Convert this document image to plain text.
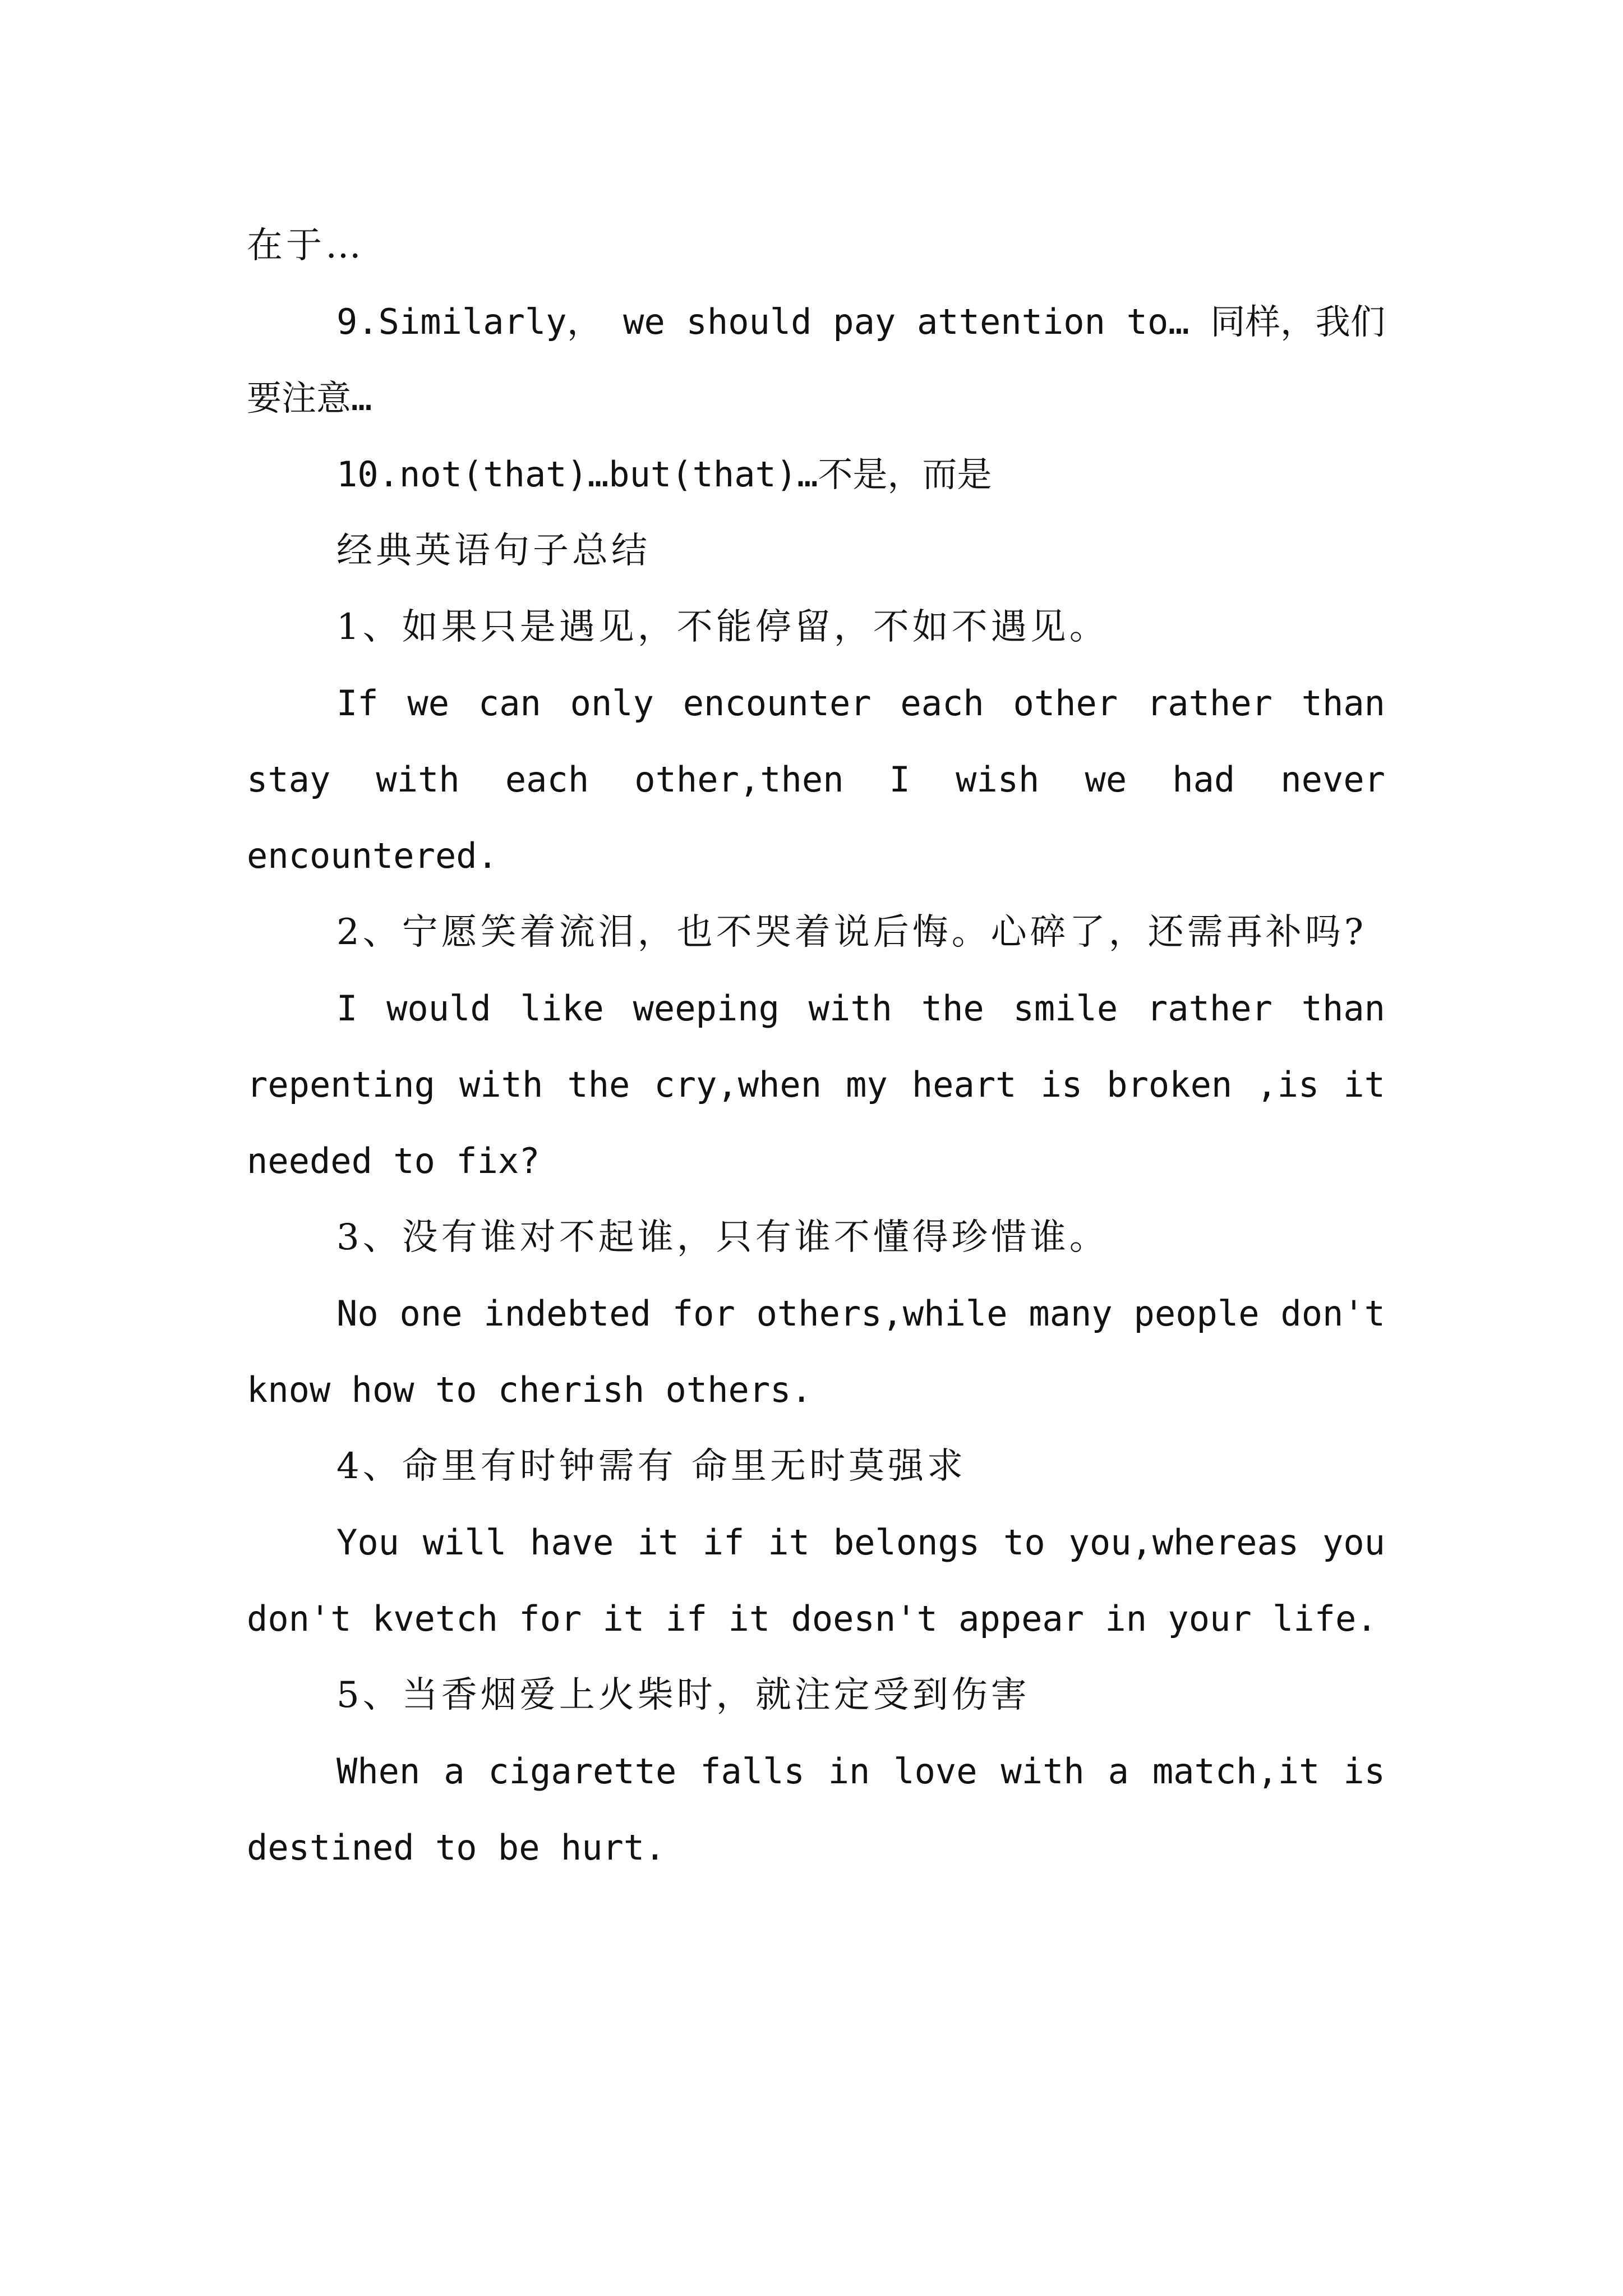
在于…

9.Similarly， we should pay attention to… 同样，我们要注意…

10.not(that)…but(that)…不是，而是

经典英语句子总结

1、如果只是遇见，不能停留，不如不遇见。

If we can only encounter each other rather than stay with each other,then I wish we had never encountered.

2、宁愿笑着流泪，也不哭着说后悔。心碎了，还需再补吗?

I would like weeping with the smile rather than repenting with the cry,when my heart is broken ,is it needed to fix?

3、没有谁对不起谁，只有谁不懂得珍惜谁。

No one indebted for others,while many people don't know how to cherish others.

4、命里有时钟需有 命里无时莫强求

You will have it if it belongs to you,whereas you don't kvetch for it if it doesn't appear in your life.

5、当香烟爱上火柴时，就注定受到伤害

When a cigarette falls in love with a match,it is destined to be hurt.
